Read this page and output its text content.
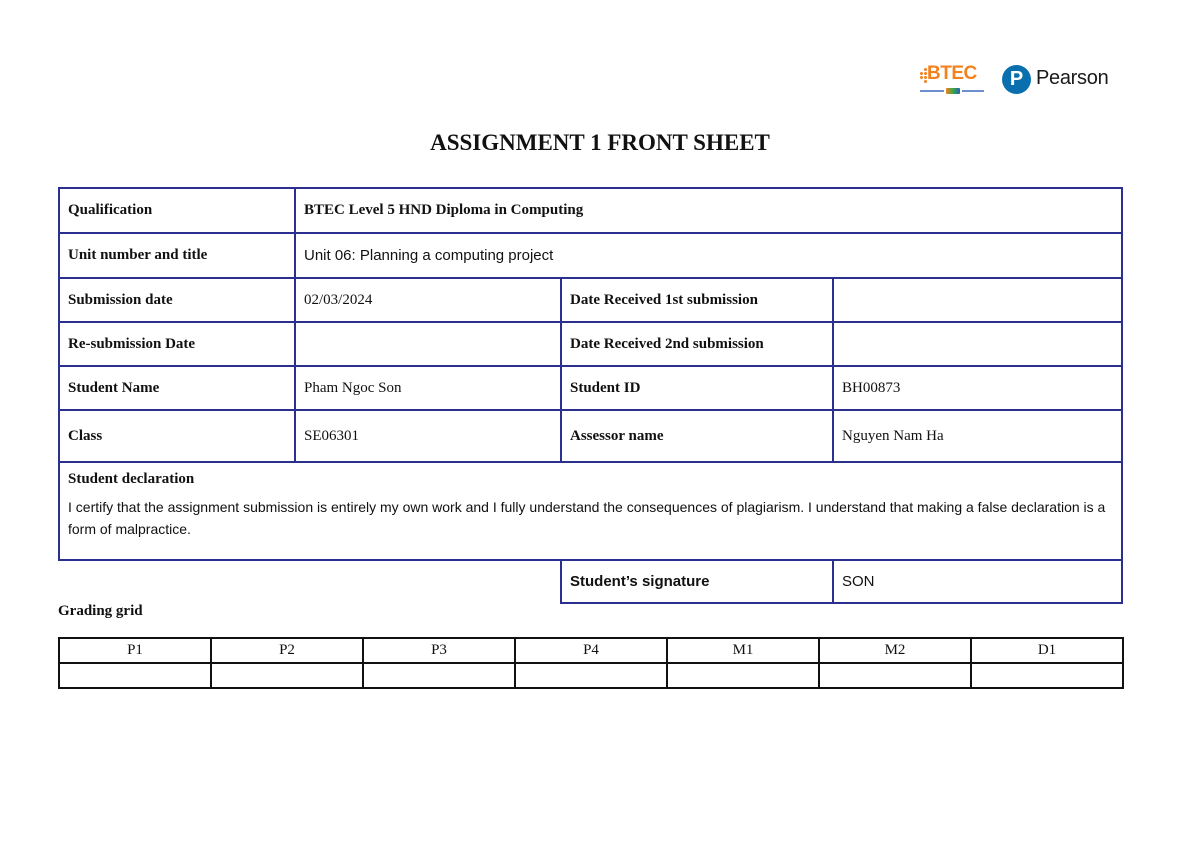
BTEC	P Pearson
ASSIGNMENT 1 FRONT SHEET
Qualification	BTEC Level 5 HND Diploma in Computing		
Unit number and title	Unit 06: Planning a computing project		
Submission date	02/03/2024	Date Received 1st submission	
Re-submission Date		Date Received 2nd submission	
Student Name	Pham Ngoc Son	Student ID	BH00873
Class	SE06301	Assessor name	Nguyen Nam Ha

Student declaration
I certify that the assignment submission is entirely my own work and I fully understand the consequences of plagiarism. I understand that making a false declaration is a form of malpractice.			

		Student’s signature	SON
Grading grid
P1	P2	P3	P4	M1	M2	D1
